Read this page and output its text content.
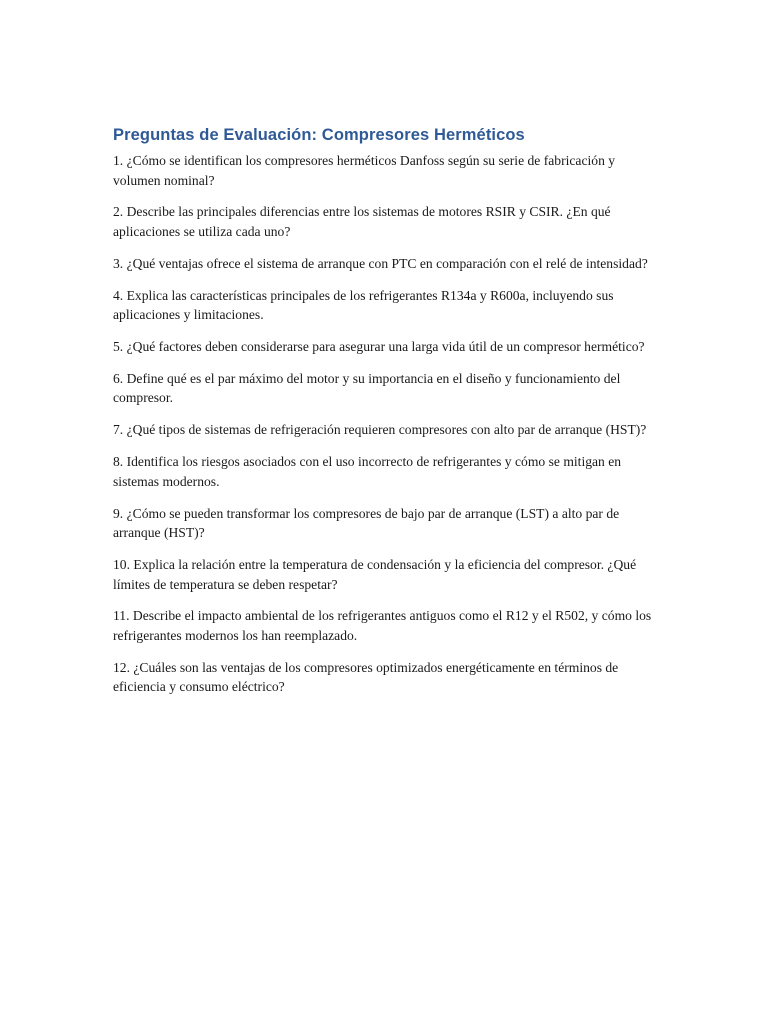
Preguntas de Evaluación: Compresores Herméticos

1. ¿Cómo se identifican los compresores herméticos Danfoss según su serie de fabricación y volumen nominal?

2. Describe las principales diferencias entre los sistemas de motores RSIR y CSIR. ¿En qué aplicaciones se utiliza cada uno?

3. ¿Qué ventajas ofrece el sistema de arranque con PTC en comparación con el relé de intensidad?

4. Explica las características principales de los refrigerantes R134a y R600a, incluyendo sus aplicaciones y limitaciones.

5. ¿Qué factores deben considerarse para asegurar una larga vida útil de un compresor hermético?

6. Define qué es el par máximo del motor y su importancia en el diseño y funcionamiento del compresor.

7. ¿Qué tipos de sistemas de refrigeración requieren compresores con alto par de arranque (HST)?

8. Identifica los riesgos asociados con el uso incorrecto de refrigerantes y cómo se mitigan en sistemas modernos.

9. ¿Cómo se pueden transformar los compresores de bajo par de arranque (LST) a alto par de arranque (HST)?

10. Explica la relación entre la temperatura de condensación y la eficiencia del compresor. ¿Qué límites de temperatura se deben respetar?

11. Describe el impacto ambiental de los refrigerantes antiguos como el R12 y el R502, y cómo los refrigerantes modernos los han reemplazado.

12. ¿Cuáles son las ventajas de los compresores optimizados energéticamente en términos de eficiencia y consumo eléctrico?
